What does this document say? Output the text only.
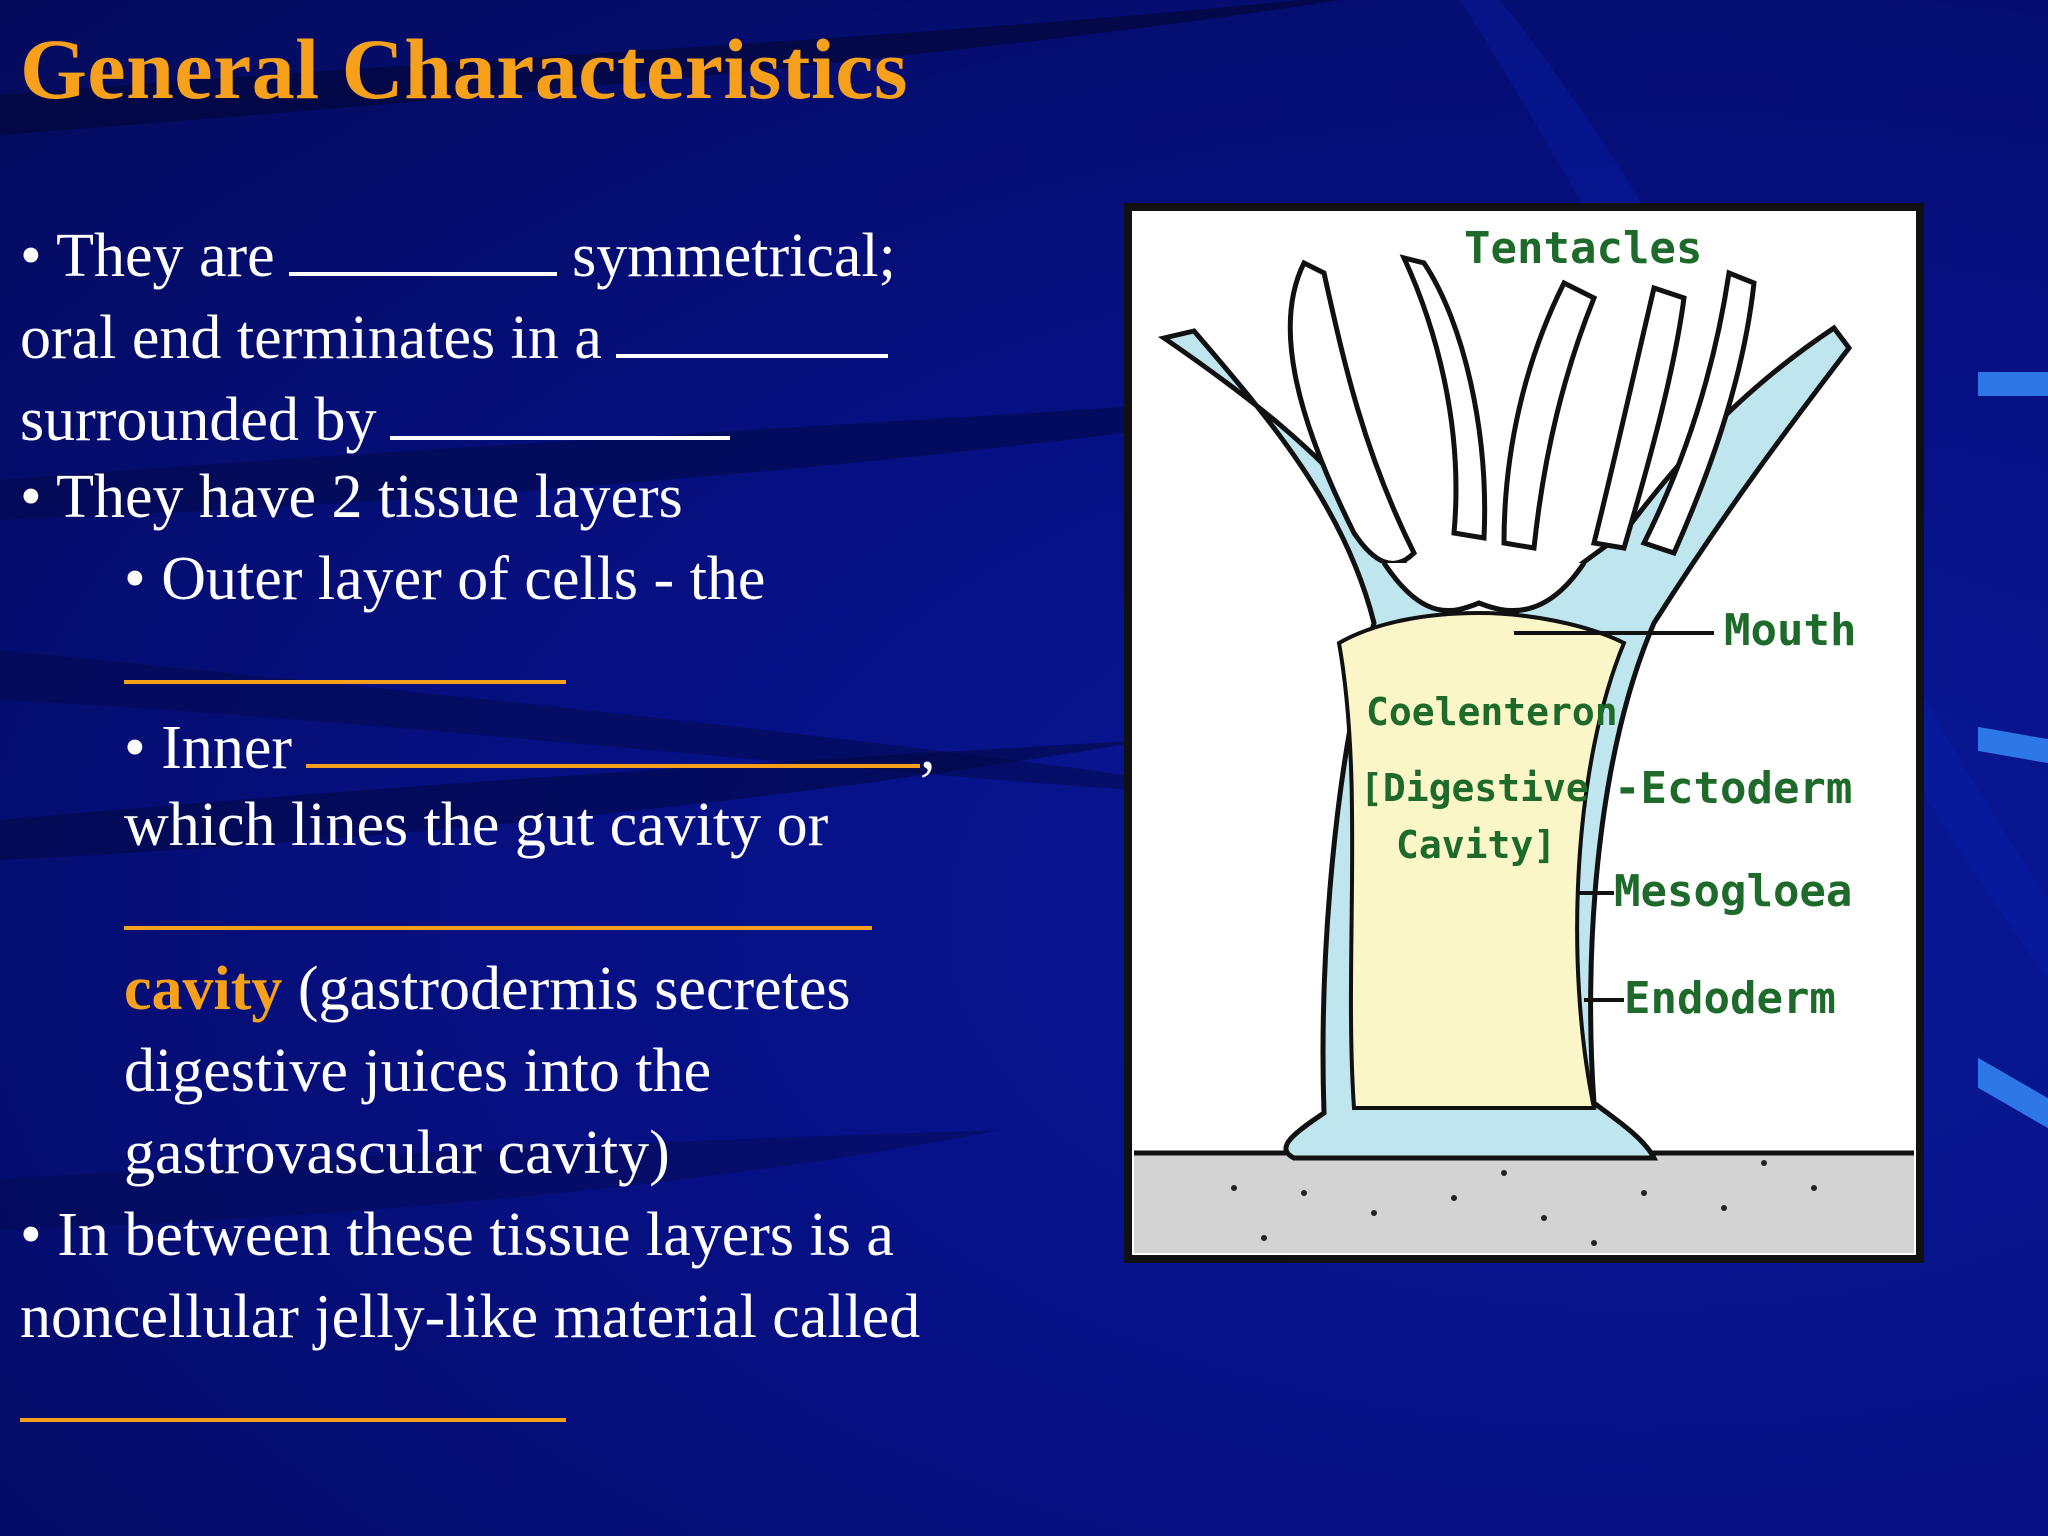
General Characteristics
• They are	symmetrical;
oral end terminates in a
surrounded by
• They have 2 tissue layers
• Outer layer of cells - the
• Inner	,
which lines the gut cavity or
cavity (gastrodermis secretes
digestive juices into the
gastrovascular cavity)
• In between these tissue layers is a
noncellular jelly-like material called
Tentacles
Mouth
Coelenteron
[Digestive
Cavity]
-Ectoderm
Mesogloea
Endoderm
